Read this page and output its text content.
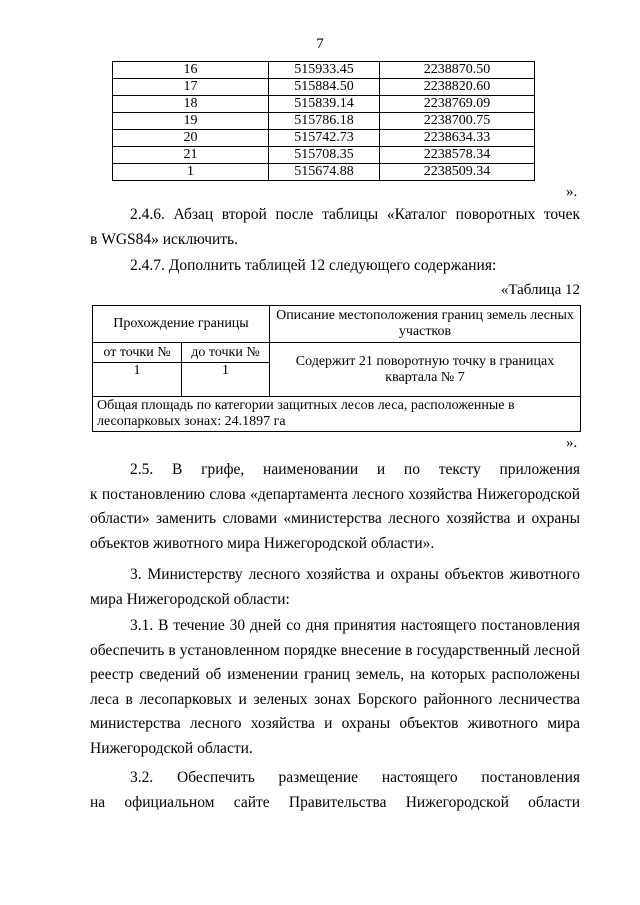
7
16	515933.45	2238870.50
17	515884.50	2238820.60
18	515839.14	2238769.09
19	515786.18	2238700.75
20	515742.73	2238634.33
21	515708.35	2238578.34
1	515674.88	2238509.34
».
2.4.6. Абзац второй после таблицы «Каталог поворотных точек
в WGS84» исключить.
2.4.7. Дополнить таблицей 12 следующего содержания:
«Таблица 12
Прохождение границы		Описание местоположения границ земель лесных участков
от точки №	до точки №	Содержит 21 поворотную точку в границах квартала № 7
1	1	
Общая площадь по категории защитных лесов леса, расположенные в лесопарковых зонах: 24.1897 га		
».
2.5. В грифе, наименовании и по тексту приложения
к постановлению слова «департамента лесного хозяйства Нижегородской
области» заменить словами «министерства лесного хозяйства и охраны
объектов животного мира Нижегородской области».
3. Министерству лесного хозяйства и охраны объектов животного
мира Нижегородской области:
3.1. В течение 30 дней со дня принятия настоящего постановления
обеспечить в установленном порядке внесение в государственный лесной
реестр сведений об изменении границ земель, на которых расположены
леса в лесопарковых и зеленых зонах Борского районного лесничества
министерства лесного хозяйства и охраны объектов животного мира
Нижегородской области.
3.2. Обеспечить размещение настоящего постановления
на официальном сайте Правительства Нижегородской области
